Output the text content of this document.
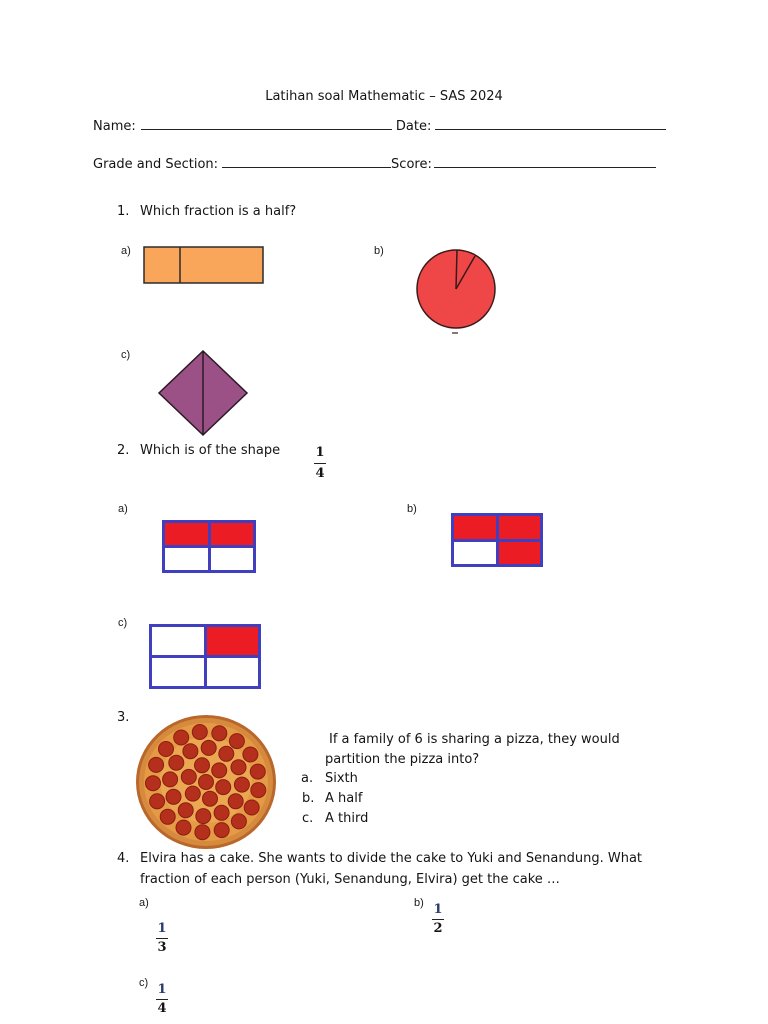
Latihan soal Mathematic – SAS 2024
Name:	Date:
Grade and Section:	Score:
1. Which fraction is a half?
a)	b)
c)
2. Which is of the shape	1
4
a)	b)
c)
3.
If a family of 6 is sharing a pizza, they would
partition the pizza into?
a. Sixth
b. A half
c. A third
4. Elvira has a cake. She wants to divide the cake to Yuki and Senandung. What
fraction of each person (Yuki, Senandung, Elvira) get the cake …
a)
1
3
b) 1
2
c) 1
4
